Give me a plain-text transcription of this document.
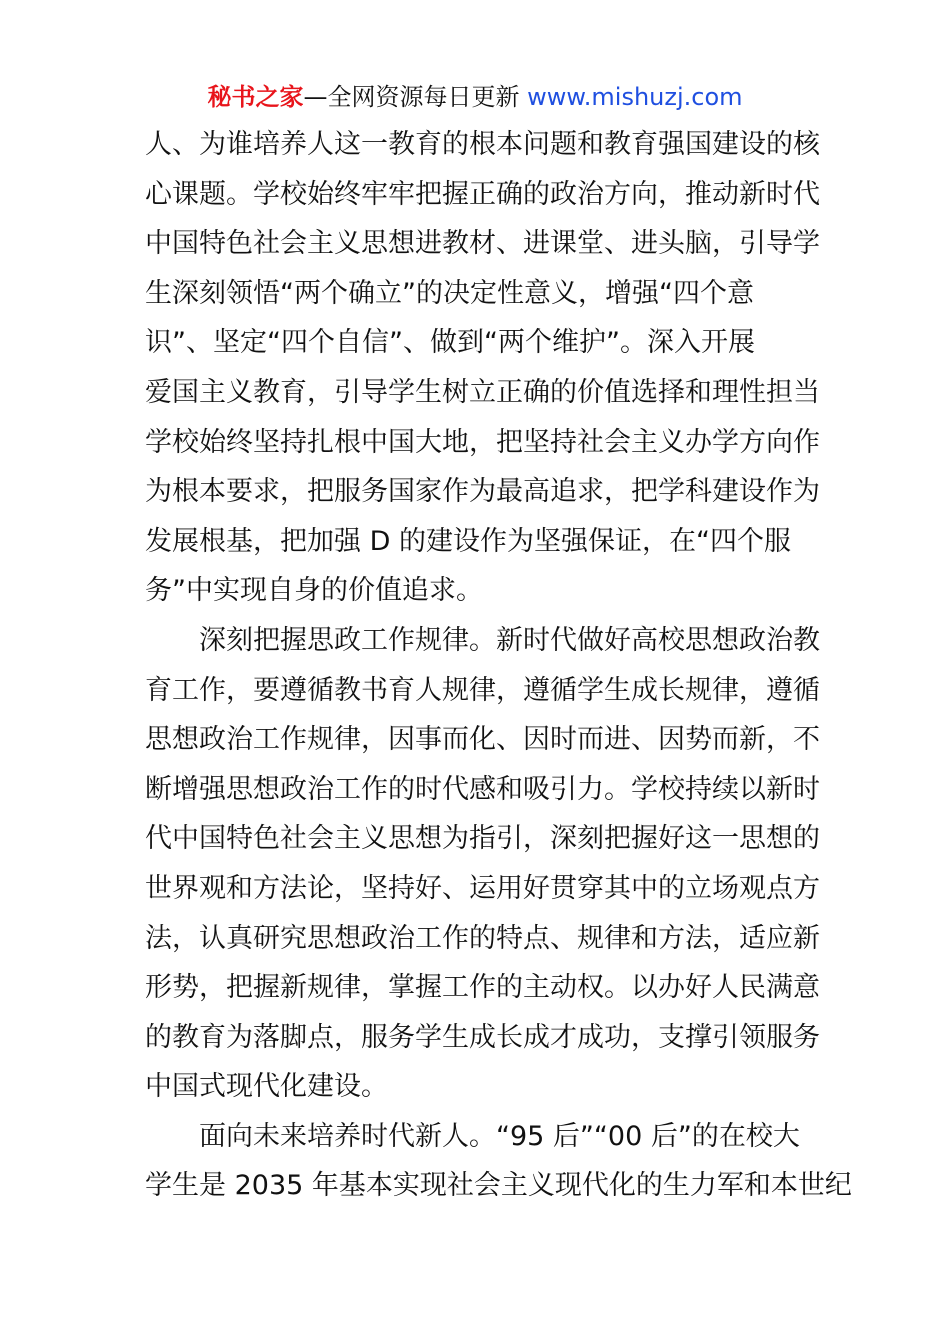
秘书之家—全网资源每日更新 www.mishuzj.com
人、为谁培养人这一教育的根本问题和教育强国建设的核
心课题。学校始终牢牢把握正确的政治方向，推动新时代
中国特色社会主义思想进教材、进课堂、进头脑，引导学
生深刻领悟“两个确立”的决定性意义，增强“四个意
识”、坚定“四个自信”、做到“两个维护”。深入开展
爱国主义教育，引导学生树立正确的价值选择和理性担当
学校始终坚持扎根中国大地，把坚持社会主义办学方向作
为根本要求，把服务国家作为最高追求，把学科建设作为
发展根基，把加强 D 的建设作为坚强保证，在“四个服
务”中实现自身的价值追求。
深刻把握思政工作规律。新时代做好高校思想政治教
育工作，要遵循教书育人规律，遵循学生成长规律，遵循
思想政治工作规律，因事而化、因时而进、因势而新，不
断增强思想政治工作的时代感和吸引力。学校持续以新时
代中国特色社会主义思想为指引，深刻把握好这一思想的
世界观和方法论，坚持好、运用好贯穿其中的立场观点方
法，认真研究思想政治工作的特点、规律和方法，适应新
形势，把握新规律，掌握工作的主动权。以办好人民满意
的教育为落脚点，服务学生成长成才成功，支撑引领服务
中国式现代化建设。
面向未来培养时代新人。“95 后”“00 后”的在校大
学生是 2035 年基本实现社会主义现代化的生力军和本世纪
